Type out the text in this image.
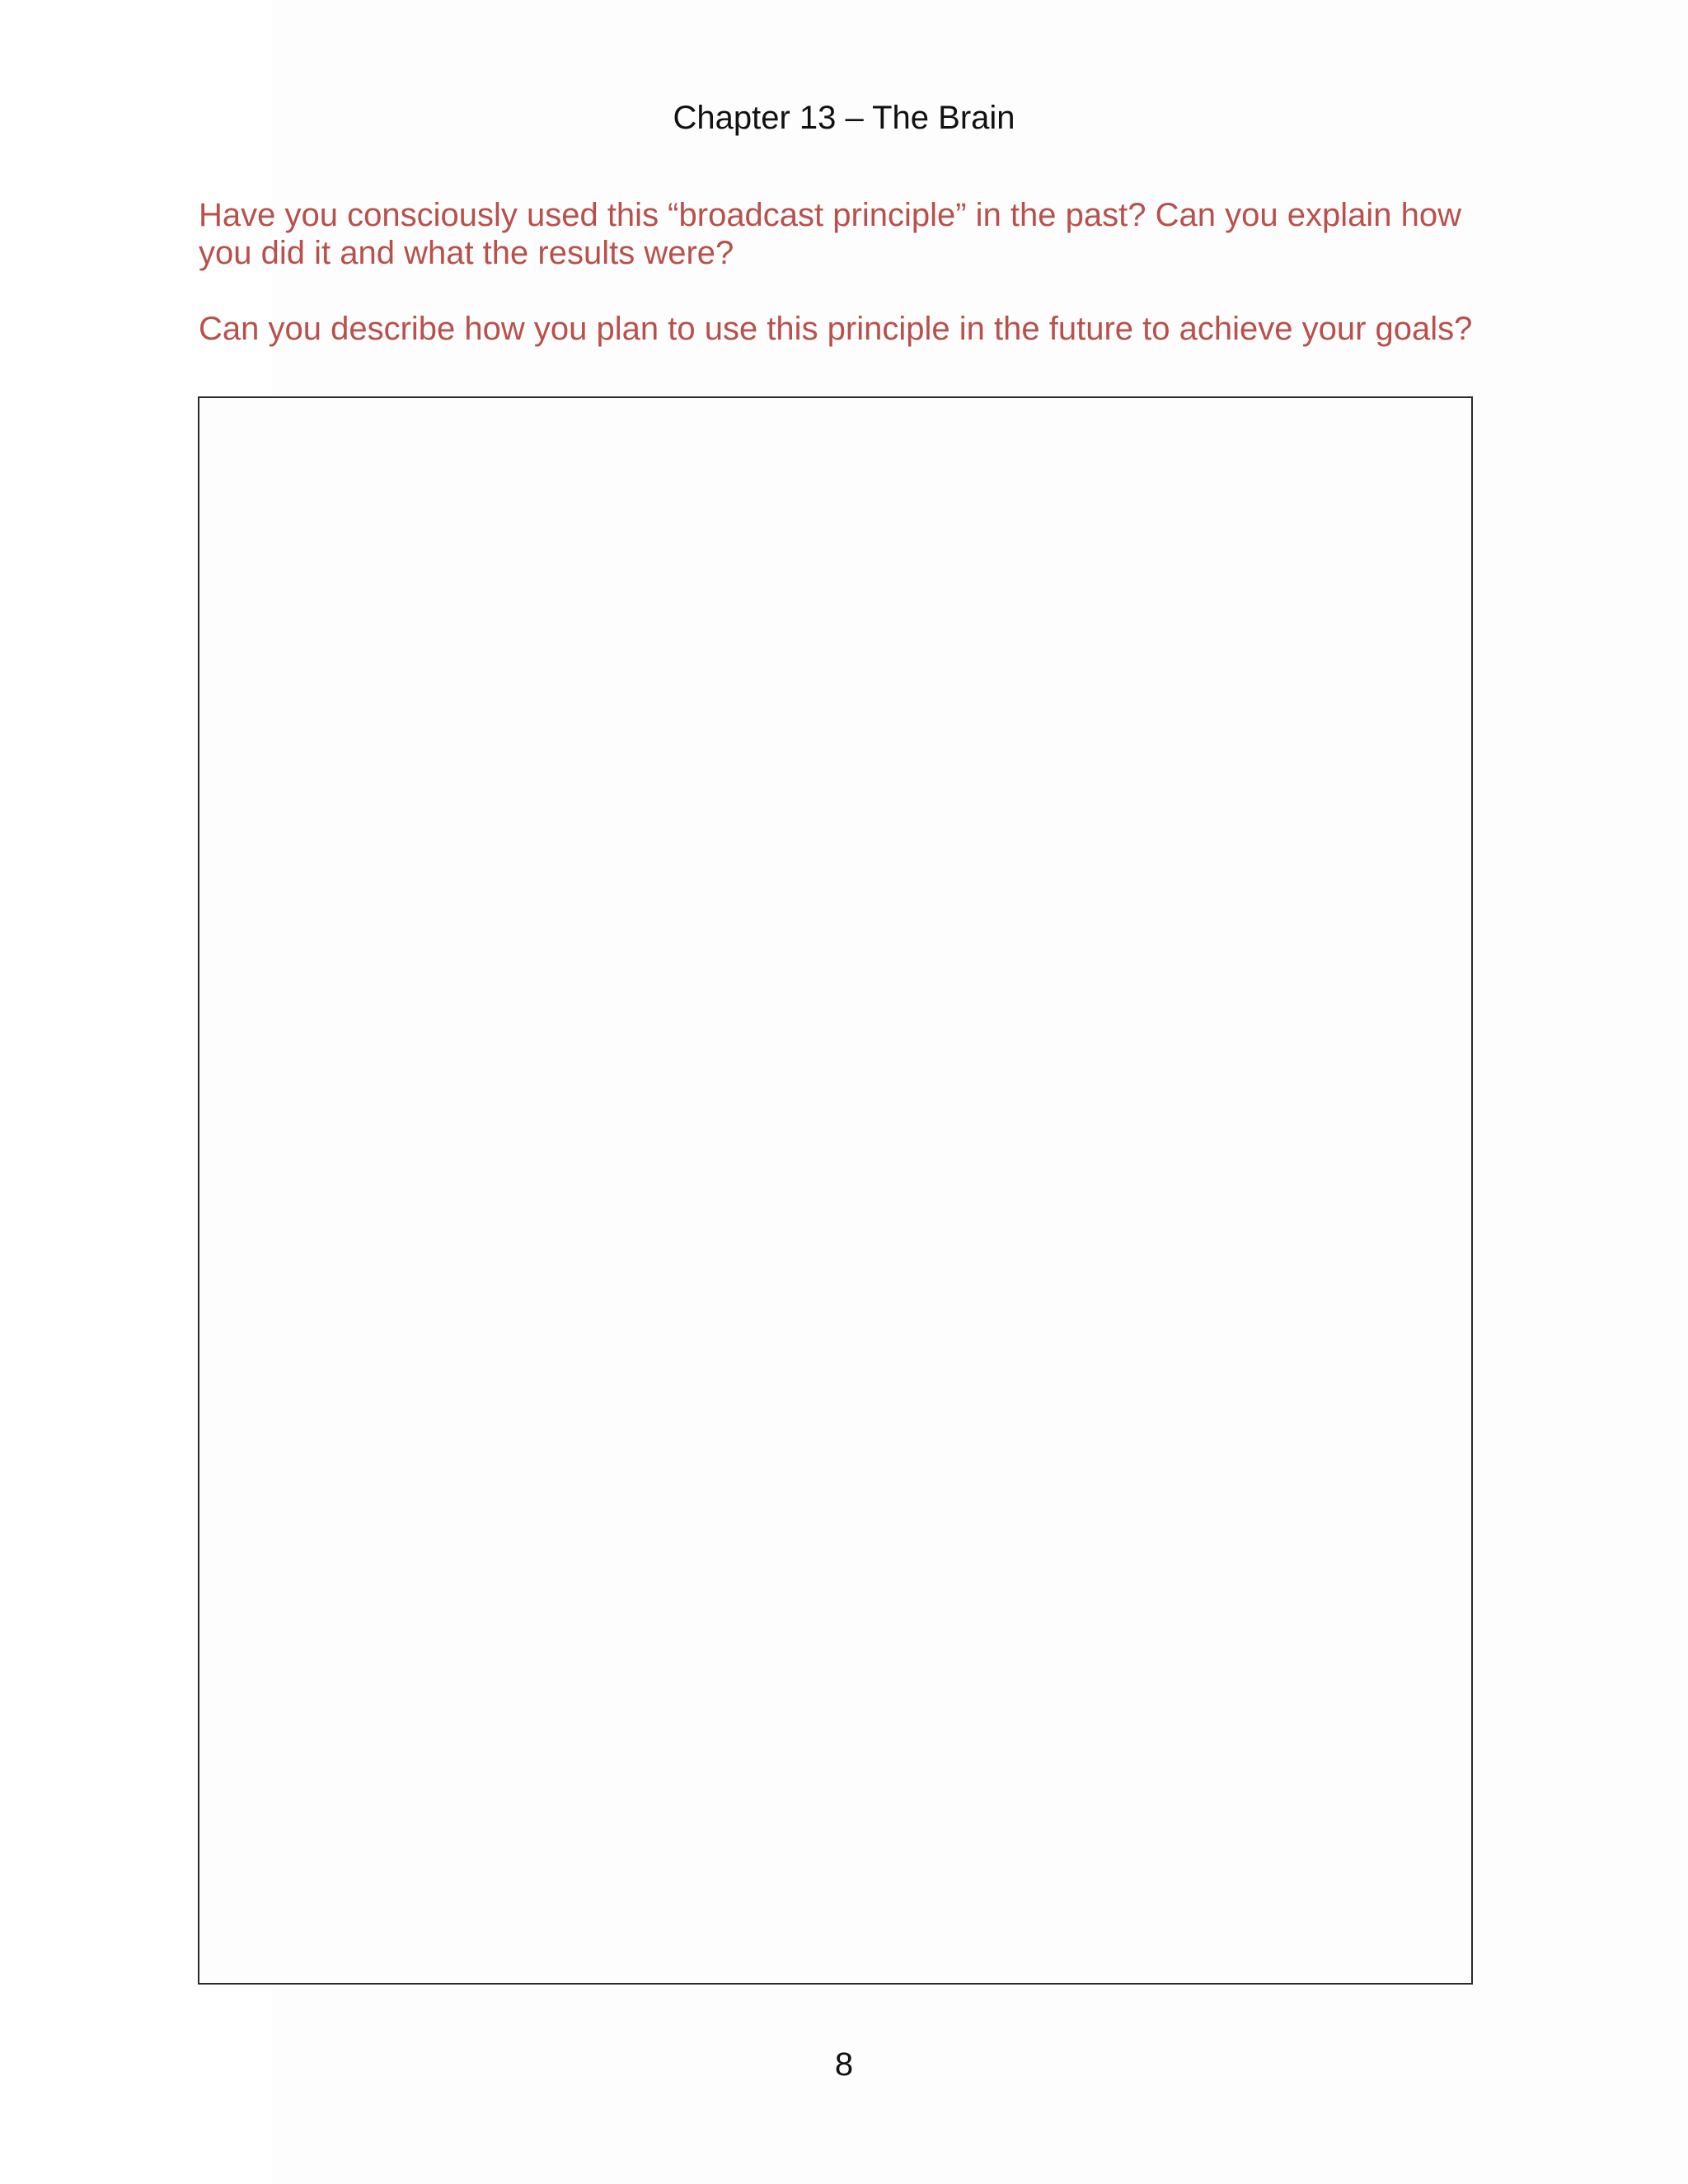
Chapter 13 – The Brain

Have you consciously used this “broadcast principle” in the past? Can you explain how you did it and what the results were?

Can you describe how you plan to use this principle in the future to achieve your goals?

8
